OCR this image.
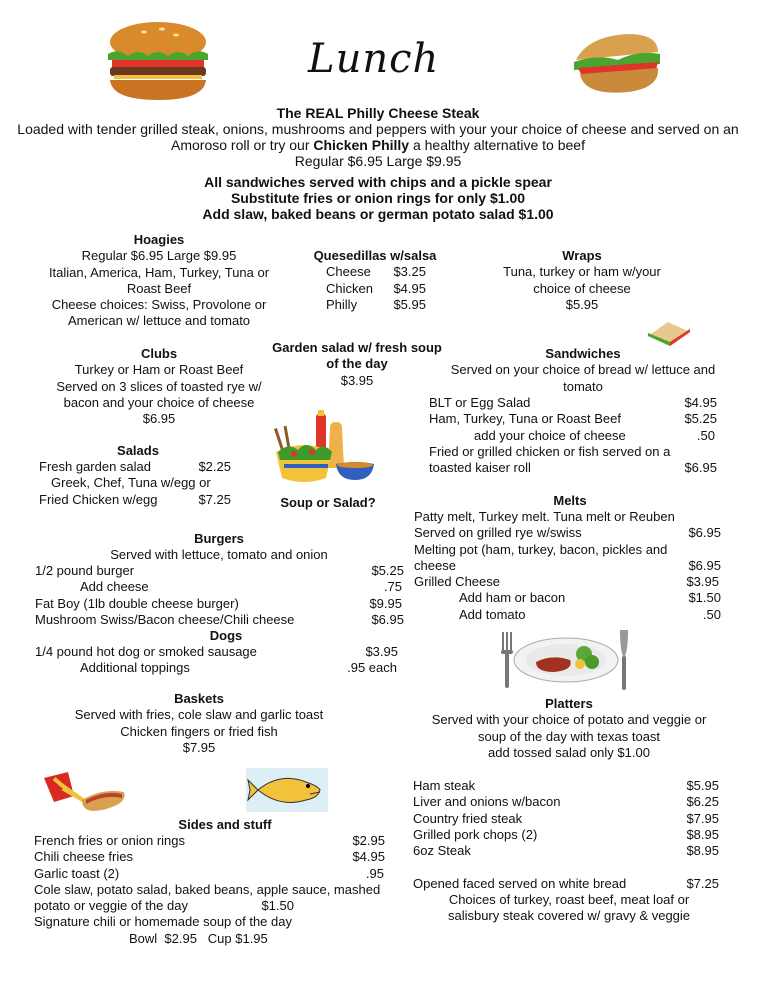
Lunch
The REAL Philly Cheese Steak
Loaded with tender grilled steak, onions, mushrooms and peppers with your your choice of cheese and served on an
Amoroso roll or try our Chicken Philly a healthy alternative to beef
Regular $6.95 Large $9.95
All sandwiches served with chips and a pickle spear
Substitute fries or onion rings for only $1.00
Add slaw, baked beans or german potato salad $1.00
Hoagies
Regular $6.95 Large $9.95
Italian, America, Ham, Turkey, Tuna or
Roast Beef
Cheese choices: Swiss, Provolone or
American w/ lettuce and tomato
Quesedillas w/salsa
Cheese $3.25
Chicken $4.95
Philly	$5.95
Wraps
Tuna, turkey or ham w/your
choice of cheese
$5.95
Clubs
Turkey or Ham or Roast Beef
Served on 3 slices of toasted rye w/
bacon and your choice of cheese
$6.95
Garden salad w/ fresh soup
of the day
$3.95
Soup or Salad?
Sandwiches
Served on your choice of bread w/ lettuce and
tomato
BLT or Egg Salad	$4.95
Ham, Turkey, Tuna or Roast Beef	$5.25
add your choice of cheese	.50
Fried or grilled chicken or fish served on a
toasted kaiser roll	$6.95
Salads
Fresh garden salad	$2.25
Greek, Chef, Tuna w/egg or
Fried Chicken w/egg	$7.25	Melts
Patty melt, Turkey melt. Tuna melt or Reuben
Served on grilled rye w/swiss	$6.95
Melting pot (ham, turkey, bacon, pickles and
cheese	$6.95
Grilled Cheese	$3.95
Add ham or bacon	$1.50
Add tomato	.50
Burgers
Served with lettuce, tomato and onion
1/2 pound burger	$5.25
Add cheese	.75
Fat Boy (1lb double cheese burger)	$9.95
Mushroom Swiss/Bacon cheese/Chili cheese	$6.95
Dogs
1/4 pound hot dog or smoked sausage	$3.95
Additional toppings	.95 each
Baskets
Served with fries, cole slaw and garlic toast
Chicken fingers or fried fish
$7.95
Platters
Served with your choice of potato and veggie or
soup of the day with texas toast
add tossed salad only $1.00
Ham steak	$5.95
Liver and onions w/bacon	$6.25
Country fried steak	$7.95
Grilled pork chops (2)	$8.95
6oz Steak	$8.95
Opened faced served on white bread	$7.25
Choices of turkey, roast beef, meat loaf or
salisbury steak covered w/ gravy & veggie
Sides and stuff
French fries or onion rings	$2.95
Chili cheese fries	$4.95
Garlic toast (2)	.95
Cole slaw, potato salad, baked beans, apple sauce, mashed
potato or veggie of the day	$1.50
Signature chili or homemade soup of the day
Bowl  $2.95   Cup $1.95
